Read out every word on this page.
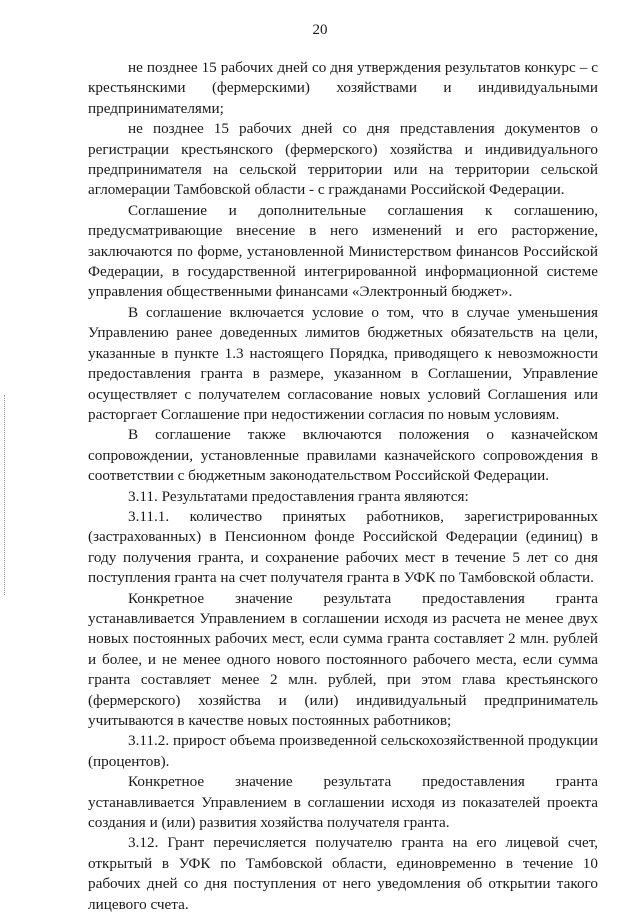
20

не позднее 15 рабочих дней со дня утверждения результатов конкурс – с крестьянскими (фермерскими) хозяйствами и индивидуальными предпринимателями;

не позднее 15 рабочих дней со дня представления документов о регистрации крестьянского (фермерского) хозяйства и индивидуального предпринимателя на сельской территории или на территории сельской агломерации Тамбовской области - с гражданами Российской Федерации.

Соглашение и дополнительные соглашения к соглашению, предусматривающие внесение в него изменений и его расторжение, заключаются по форме, установленной Министерством финансов Российской Федерации, в государственной интегрированной информационной системе управления общественными финансами «Электронный бюджет».

В соглашение включается условие о том, что в случае уменьшения Управлению ранее доведенных лимитов бюджетных обязательств на цели, указанные в пункте 1.3 настоящего Порядка, приводящего к невозможности предоставления гранта в размере, указанном в Соглашении, Управление осуществляет с получателем согласование новых условий Соглашения или расторгает Соглашение при недостижении согласия по новым условиям.

В соглашение также включаются положения о казначейском сопровождении, установленные правилами казначейского сопровождения в соответствии с бюджетным законодательством Российской Федерации.

3.11. Результатами предоставления гранта являются:

3.11.1. количество принятых работников, зарегистрированных (застрахованных) в Пенсионном фонде Российской Федерации (единиц) в году получения гранта, и сохранение рабочих мест в течение 5 лет со дня поступления гранта на счет получателя гранта в УФК по Тамбовской области.

Конкретное значение результата предоставления гранта устанавливается Управлением в соглашении исходя из расчета не менее двух новых постоянных рабочих мест, если сумма гранта составляет 2 млн. рублей и более, и не менее одного нового постоянного рабочего места, если сумма гранта составляет менее 2 млн. рублей, при этом глава крестьянского (фермерского) хозяйства и (или) индивидуальный предприниматель учитываются в качестве новых постоянных работников;

3.11.2. прирост объема произведенной сельскохозяйственной продукции (процентов).

Конкретное значение результата предоставления гранта устанавливается Управлением в соглашении исходя из показателей проекта создания и (или) развития хозяйства получателя гранта.

3.12. Грант перечисляется получателю гранта на его лицевой счет, открытый в УФК по Тамбовской области, единовременно в течение 10 рабочих дней со дня поступления от него уведомления об открытии такого лицевого счета.
